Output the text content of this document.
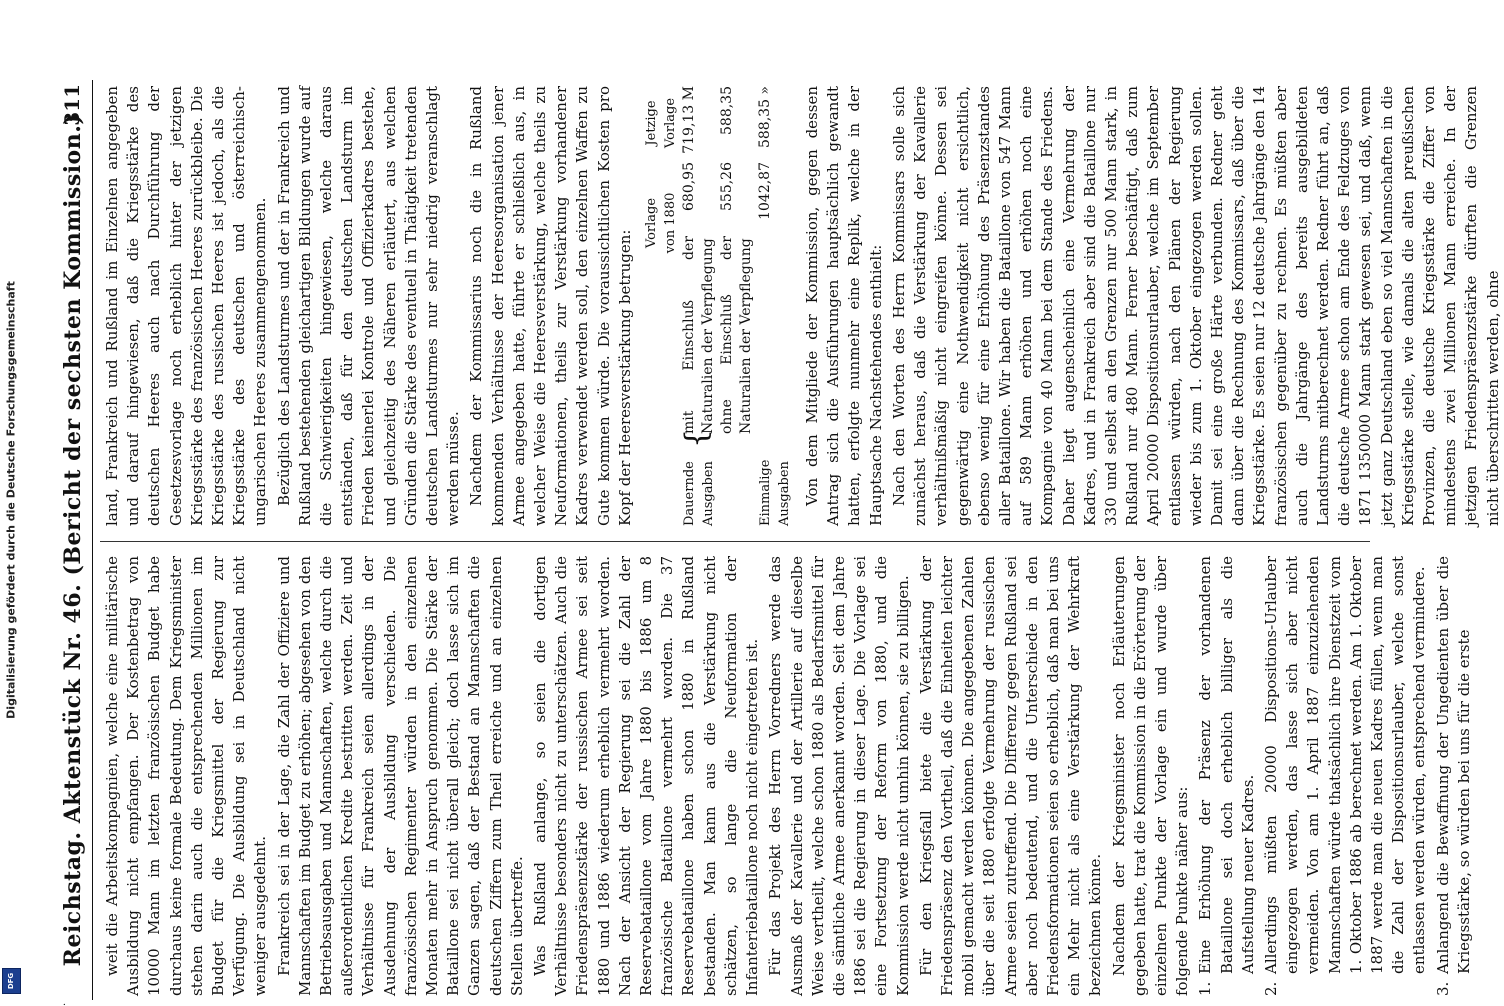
Digitalisierung gefördert durch die Deutsche Forschungsgemeinschaft
DFG
·
Reichstag. Aktenstück Nr. 46. (Bericht der sechsten Kommission.)
311

weit die Arbeitskompagnien, welche eine militärische Ausbildung nicht empfangen. Der Kostenbetrag von 10000 Mann im letzten französischen Budget habe durchaus keine formale Bedeutung. Dem Kriegsminister stehen darin auch die entsprechenden Millionen im Budget für die Kriegsmittel der Regierung zur Verfügung. Die Ausbildung sei in Deutschland nicht weniger ausgedehnt. Frankreich sei in der Lage, die Zahl der Offiziere und Mannschaften im Budget zu erhöhen; abgesehen von den Betriebsausgaben und Mannschaften, welche durch die außerordentlichen Kredite bestritten werden. Zeit und Verhältnisse für Frankreich seien allerdings in der Ausdehnung der Ausbildung verschieden. Die französischen Regimenter würden in den einzelnen Monaten mehr in Anspruch genommen. Die Stärke der Bataillone sei nicht überall gleich; doch lasse sich im Ganzen sagen, daß der Bestand an Mannschaften die deutschen Ziffern zum Theil erreiche und an einzelnen Stellen übertreffe. Was Rußland anlange, so seien die dortigen Verhältnisse besonders nicht zu unterschätzen. Auch die Friedenspräsenzstärke der russischen Armee sei seit 1880 und 1886 wiederum erheblich vermehrt worden. Nach der Ansicht der Regierung sei die Zahl der Reservebataillone vom Jahre 1880 bis 1886 um 8 französische Bataillone vermehrt worden. Die 37 Reservebataillone haben schon 1880 in Rußland bestanden. Man kann aus die Verstärkung nicht schätzen, so lange die Neuformation der Infanteriebataillone noch nicht eingetreten ist. Für das Projekt des Herrn Vorredners werde das Ausmaß der Kavallerie und der Artillerie auf dieselbe Weise vertheilt, welche schon 1880 als Bedarfsmittel für die sämtliche Armee anerkannt worden. Seit dem Jahre 1886 sei die Regierung in dieser Lage. Die Vorlage sei eine Fortsetzung der Reform von 1880, und die Kommission werde nicht umhin können, sie zu billigen. Für den Kriegsfall biete die Verstärkung der Friedenspräsenz den Vortheil, daß die Einheiten leichter mobil gemacht werden können. Die angegebenen Zahlen über die seit 1880 erfolgte Vermehrung der russischen Armee seien zutreffend. Die Differenz gegen Rußland sei aber noch bedeutend, und die Unterschiede in den Friedensformationen seien so erheblich, daß man bei uns ein Mehr nicht als eine Verstärkung der Wehrkraft bezeichnen könne. Nachdem der Kriegsminister noch Erläuterungen gegeben hatte, trat die Kommission in die Erörterung der einzelnen Punkte der Vorlage ein und wurde über folgende Punkte näher aus: 1.
Eine Erhöhung der Präsenz der vorhandenen Bataillone sei doch erheblich billiger als die Aufstellung neuer Kadres.
2.
Allerdings müßten 20000 Dispositions-Urlauber eingezogen werden, das lasse sich aber nicht vermeiden. Von am 1. April 1887 einzuziehenden Mannschaften würde thatsächlich ihre Dienstzeit vom 1. Oktober 1886 ab berechnet werden. Am 1. Oktober 1887 werde man die neuen Kadres füllen, wenn man die Zahl der Dispositionsurlauber, welche sonst entlassen werden würden, entsprechend vermindere.
3.
Anlangend die Bewaffnung der Ungedienten über die Kriegsstärke, so würden bei uns für die erste

land, Frankreich und Rußland im Einzelnen angegeben und darauf hingewiesen, daß die Kriegsstärke des deutschen Heeres auch nach Durchführung der Gesetzesvorlage noch erheblich hinter der jetzigen Kriegsstärke des französischen Heeres zurückbleibe. Die Kriegsstärke des russischen Heeres ist jedoch, als die Kriegsstärke des deutschen und österreichisch-ungarischen Heeres zusammengenommen. Bezüglich des Landsturmes und der in Frankreich und Rußland bestehenden gleichartigen Bildungen wurde auf die Schwierigkeiten hingewiesen, welche daraus entständen, daß für den deutschen Landsturm im Frieden keinerlei Kontrole und Offizierkadres bestehe, und gleichzeitig des Näheren erläutert, aus welchen Gründen die Stärke des eventuell in Thätigkeit tretenden deutschen Landsturmes nur sehr niedrig veranschlagt werden müsse. Nachdem der Kommissarius noch die in Rußland kommenden Verhältnisse der Heeresorganisation jener Armee angegeben hatte, führte er schließlich aus, in welcher Weise die Heeresverstärkung, welche theils zu Neuformationen, theils zur Verstärkung vorhandener Kadres verwendet werden soll, den einzelnen Waffen zu Gute kommen würde. Die voraussichtlichen Kosten pro Kopf der Heeresverstärkung betrugen:

Vorlage von 1880
Jetzige Vorlage
Dauernde Ausgaben
{
mit Einschluß der Naturalien der Verpflegung
680,95
719,13 M
ohne Einschluß der Naturalien der Verpflegung
555,26
588,35
Einmalige Ausgaben
1042,87
588,35 » Von dem Mitgliede der Kommission, gegen dessen Antrag sich die Ausführungen hauptsächlich gewandt hatten, erfolgte nunmehr eine Replik, welche in der Hauptsache Nachstehendes enthielt: Nach den Worten des Herrn Kommissars solle sich zunächst heraus, daß die Verstärkung der Kavallerie verhältnißmäßig nicht eingreifen könne. Dessen sei gegenwärtig eine Nothwendigkeit nicht ersichtlich, ebenso wenig für eine Erhöhung des Präsenzstandes aller Bataillone. Wir haben die Bataillone von 547 Mann auf 589 Mann erhöhen und erhöhen noch eine Kompagnie von 40 Mann bei dem Stande des Friedens. Daher liegt augenscheinlich eine Vermehrung der Kadres, und in Frankreich aber sind die Bataillone nur 330 und selbst an den Grenzen nur 500 Mann stark, in Rußland nur 480 Mann. Ferner beschäftigt, daß zum April 20000 Dispositionsurlauber, welche im September entlassen würden, nach den Plänen der Regierung wieder bis zum 1. Oktober eingezogen werden sollen. Damit sei eine große Härte verbunden. Redner geht dann über die Rechnung des Kommissars, daß über die Kriegsstärke. Es seien nur 12 deutsche Jahrgänge den 14 französischen gegenüber zu rechnen. Es müßten aber auch die Jahrgänge des bereits ausgebildeten Landsturms mitberechnet werden. Redner führt an, daß die deutsche Armee schon am Ende des Feldzuges von 1871 1350000 Mann stark gewesen sei, und daß, wenn jetzt ganz Deutschland eben so viel Mannschaften in die Kriegsstärke stelle, wie damals die alten preußischen Provinzen, die deutsche Kriegsstärke die Ziffer von mindestens zwei Millionen Mann erreiche. In der jetzigen Friedenspräsenzstärke dürften die Grenzen nicht überschritten werden, ohne
